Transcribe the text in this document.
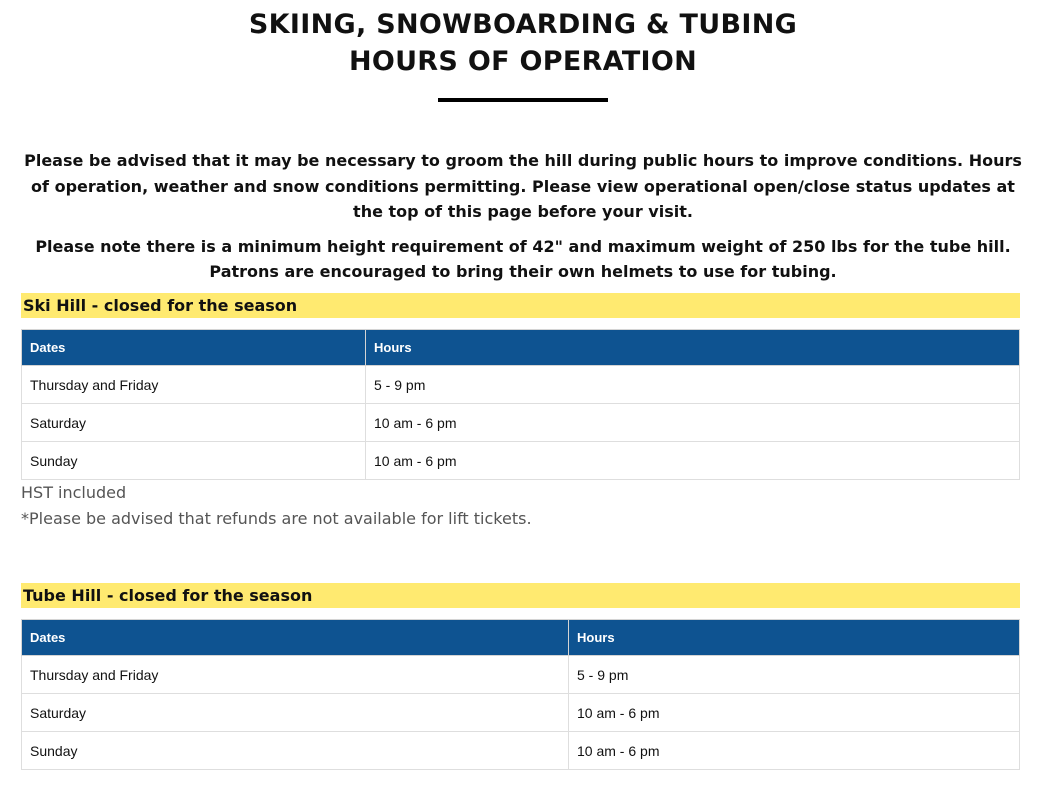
SKIING, SNOWBOARDING & TUBING
HOURS OF OPERATION

Please be advised that it may be necessary to groom the hill during public hours to improve conditions. Hours of operation, weather and snow conditions permitting. Please view operational open/close status updates at the top of this page before your visit.

Please note there is a minimum height requirement of 42" and maximum weight of 250 lbs for the tube hill. Patrons are encouraged to bring their own helmets to use for tubing.

Ski Hill - closed for the season
Dates	Hours
Thursday and Friday	5 - 9 pm
Saturday	10 am - 6 pm
Sunday	10 am - 6 pm
HST included
*Please be advised that refunds are not available for lift tickets.
Tube Hill - closed for the season
Dates	Hours
Thursday and Friday	5 - 9 pm
Saturday	10 am - 6 pm
Sunday	10 am - 6 pm
